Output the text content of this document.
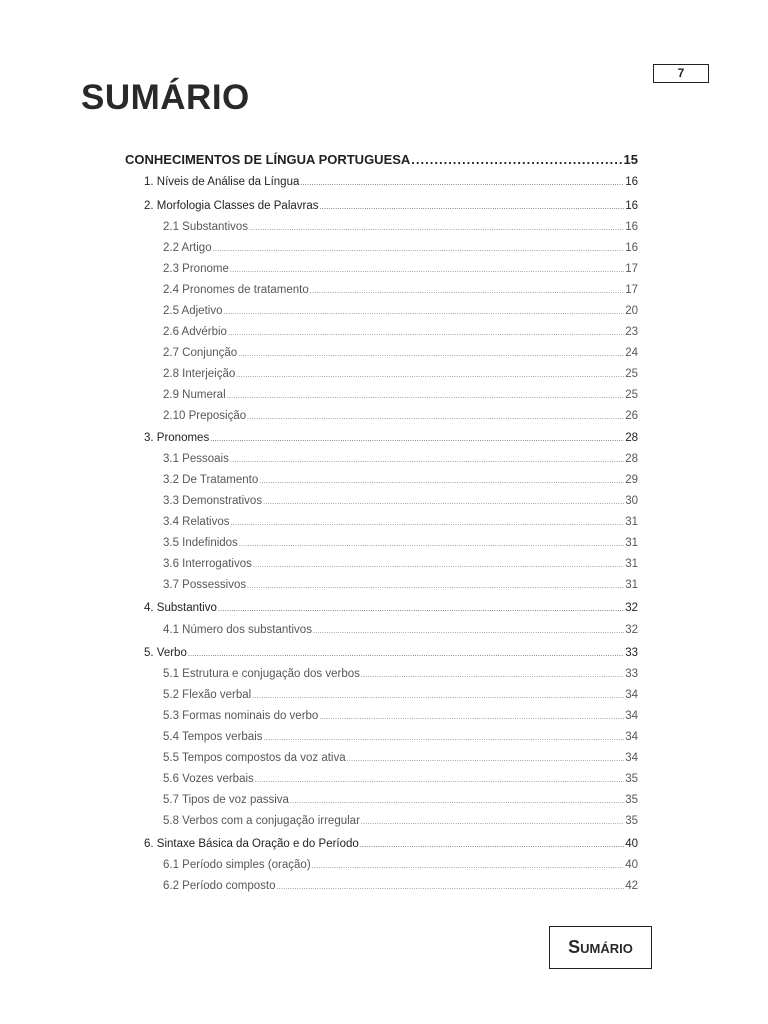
7
SUMÁRIO
CONHECIMENTOS DE LÍNGUA PORTUGUESA .....	15
1. Níveis de Análise da Língua .....	16
2. Morfologia Classes de Palavras .....	16
2.1 Substantivos .....	16
2.2 Artigo .....	16
2.3 Pronome .....	17
2.4 Pronomes de tratamento .....	17
2.5 Adjetivo .....	20
2.6 Advérbio .....	23
2.7 Conjunção .....	24
2.8 Interjeição .....	25
2.9 Numeral .....	25
2.10 Preposição .....	26
3. Pronomes .....	28
3.1 Pessoais .....	28
3.2 De Tratamento .....	29
3.3 Demonstrativos .....	30
3.4 Relativos .....	31
3.5 Indefinidos .....	31
3.6 Interrogativos .....	31
3.7 Possessivos .....	31
4. Substantivo .....	32
4.1 Número dos substantivos .....	32
5. Verbo .....	33
5.1 Estrutura e conjugação dos verbos .....	33
5.2 Flexão verbal .....	34
5.3 Formas nominais do verbo .....	34
5.4 Tempos verbais .....	34
5.5 Tempos compostos da voz ativa .....	34
5.6 Vozes verbais .....	35
5.7 Tipos de voz passiva .....	35
5.8 Verbos com a conjugação irregular .....	35
6. Sintaxe Básica da Oração e do Período .....	40
6.1 Período simples (oração) .....	40
6.2 Período composto .....	42
Sumário
